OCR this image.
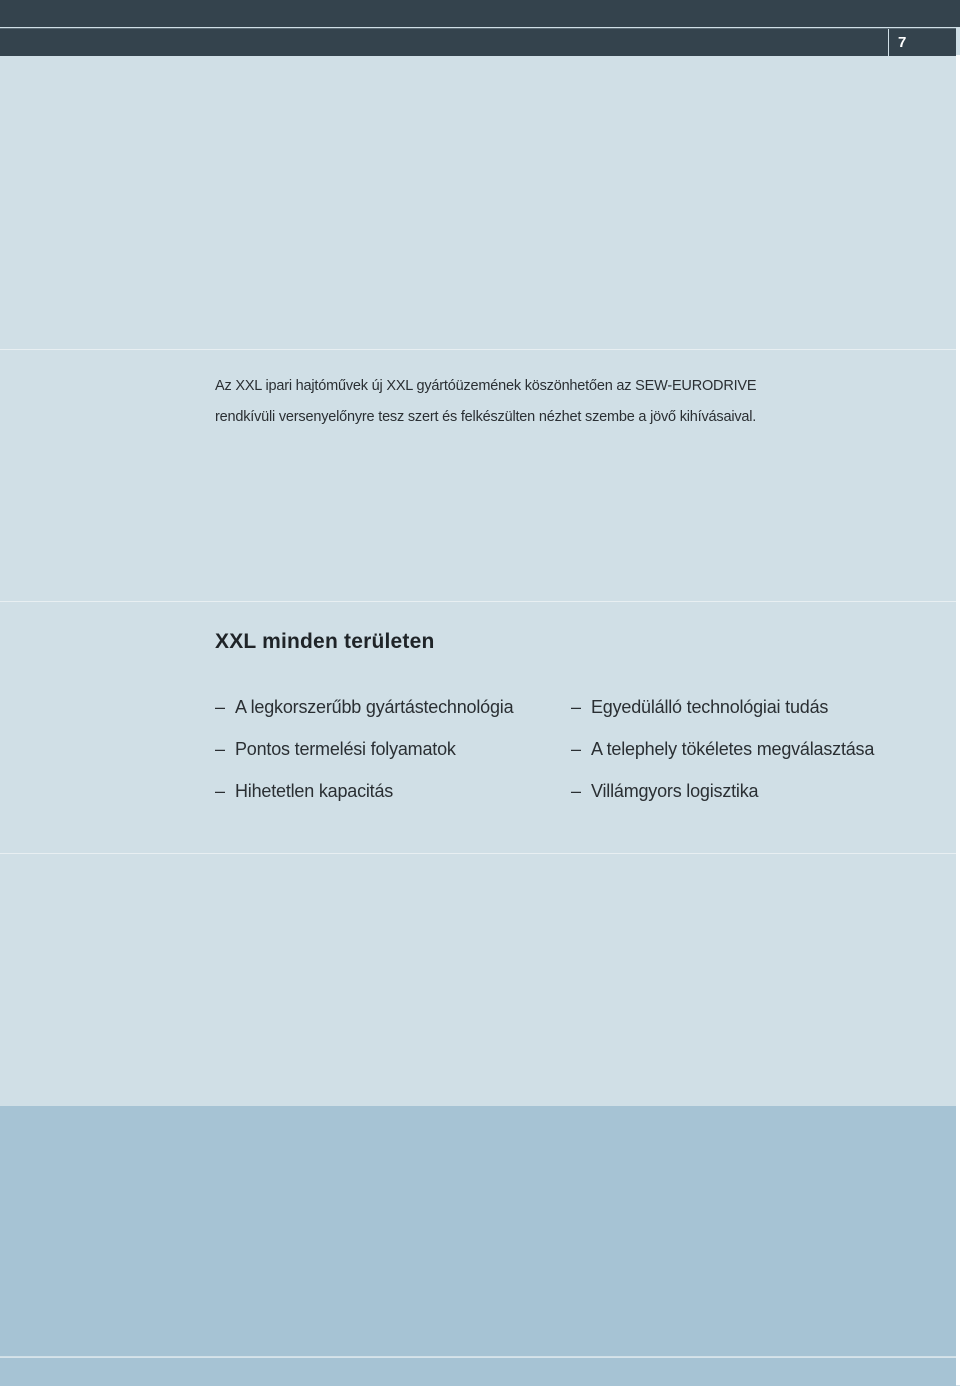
7

Az XXL ipari hajtóművek új XXL gyártóüzemének köszönhetően az SEW-EURODRIVE

rendkívüli versenyelőnyre tesz szert és felkészülten nézhet szembe a jövő kihívásaival.

XXL minden területen
– A legkorszerűbb gyártástechnológia
– Pontos termelési folyamatok
– Hihetetlen kapacitás
– Egyedülálló technológiai tudás
– A telephely tökéletes megválasztása
– Villámgyors logisztika
